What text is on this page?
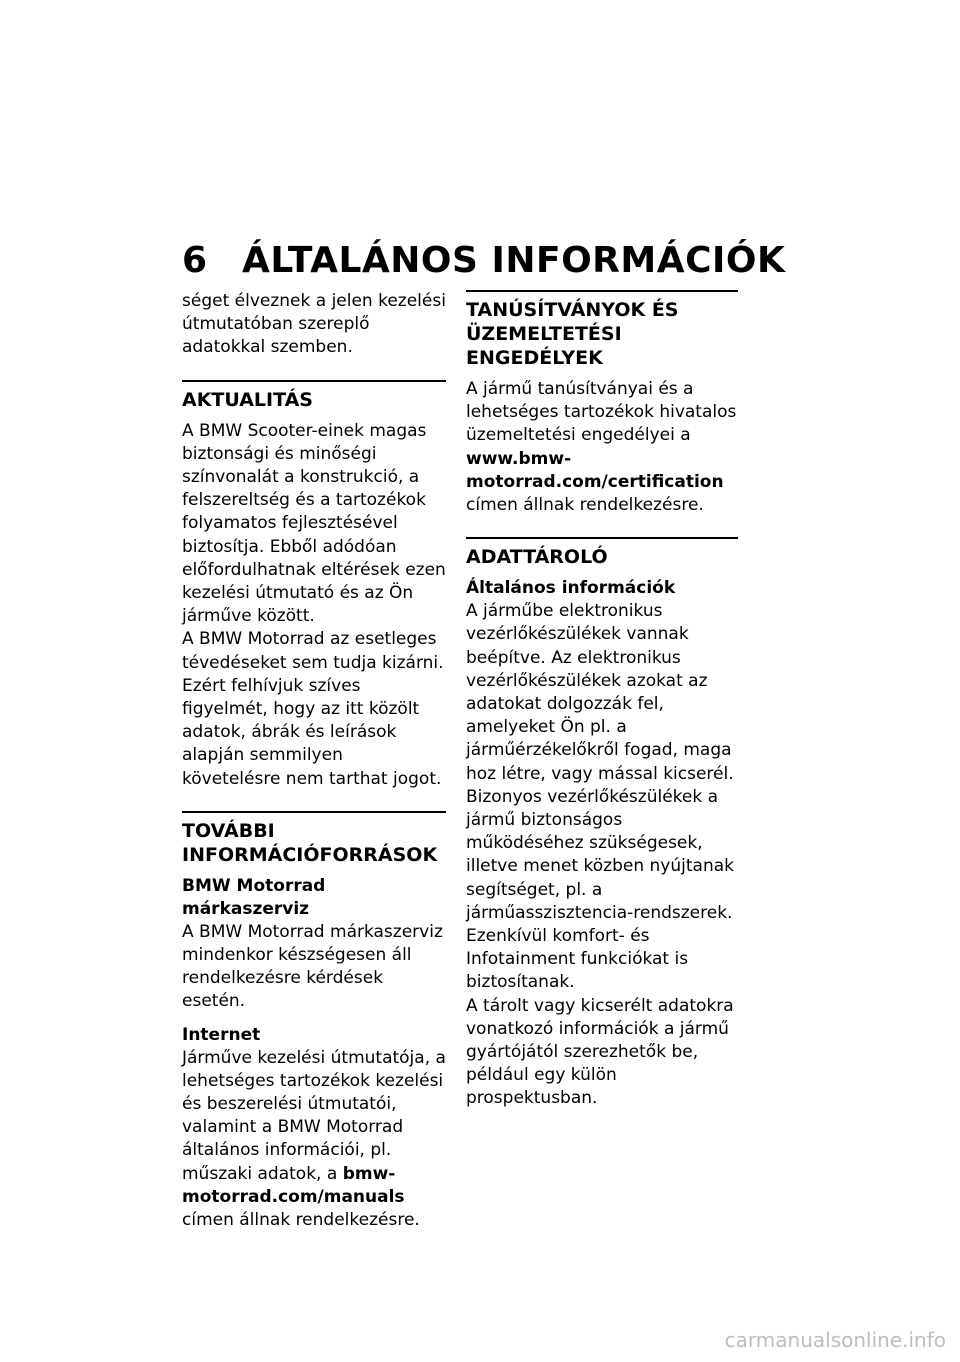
6 ÁLTALÁNOS INFORMÁCIÓK

séget élveznek a jelen kezelési útmutatóban szereplő adatokkal szemben.

AKTUALITÁS

A BMW Scooter-einek magas biztonsági és minőségi színvonalát a konstrukció, a felszereltség és a tartozékok folyamatos fejlesztésével biztosítja. Ebből adódóan előfordulhatnak eltérések ezen kezelési útmutató és az Ön járműve között.

A BMW Motorrad az esetleges tévedéseket sem tudja kizárni. Ezért felhívjuk szíves figyelmét, hogy az itt közölt adatok, ábrák és leírások alapján semmilyen követelésre nem tarthat jogot.

TOVÁBBI INFORMÁCIÓFORRÁSOK

BMW Motorrad márkaszerviz

A BMW Motorrad márkaszerviz mindenkor készségesen áll rendelkezésre kérdések esetén.

Internet

Járműve kezelési útmutatója, a lehetséges tartozékok kezelési és beszerelési útmutatói, valamint a BMW Motorrad általános információi, pl. műszaki adatok, a bmw-motorrad.com/manuals címen állnak rendelkezésre.

TANÚSÍTVÁNYOK ÉS ÜZEMELTETÉSI ENGEDÉLYEK

A jármű tanúsítványai és a lehetséges tartozékok hivatalos üzemeltetési engedélyei a www.bmw-motorrad.com/certification címen állnak rendelkezésre.

ADATTÁROLÓ

Általános információk

A járműbe elektronikus vezérlőkészülékek vannak beépítve. Az elektronikus vezérlőkészülékek azokat az adatokat dolgozzák fel, amelyeket Ön pl. a járműérzékelőkről fogad, maga hoz létre, vagy mással kicserél. Bizonyos vezérlőkészülékek a jármű biztonságos működéséhez szükségesek, illetve menet közben nyújtanak segítséget, pl. a járműasszisztencia-rendszerek. Ezenkívül komfort- és Infotainment funkciókat is biztosítanak.

A tárolt vagy kicserélt adatokra vonatkozó információk a jármű gyártójától szerezhetők be, például egy külön prospektusban.

carmanualsonline.info
